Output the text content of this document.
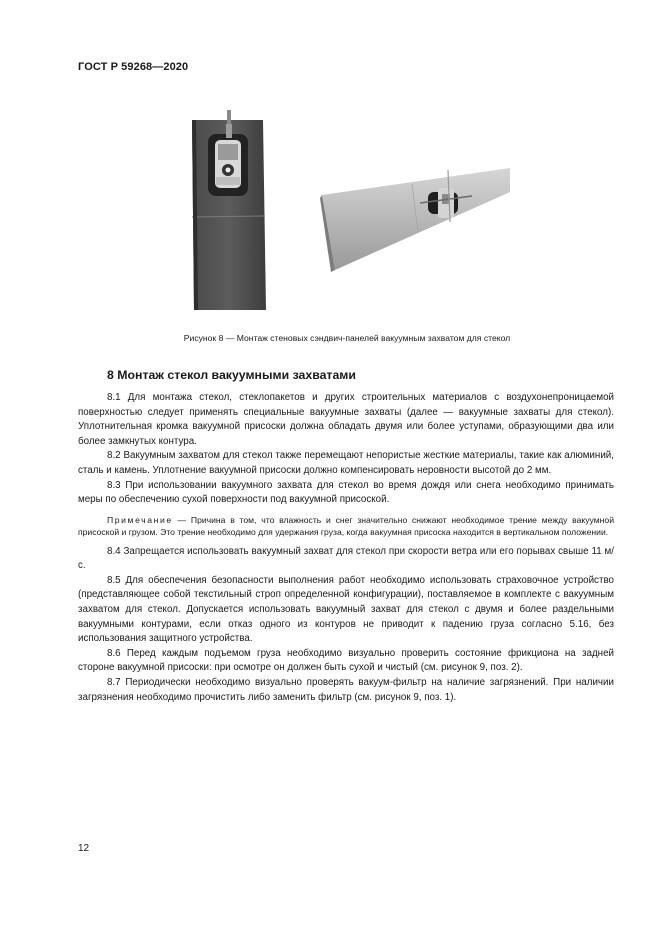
ГОСТ Р 59268—2020
Рисунок 8 — Монтаж стеновых сэндвич-панелей вакуумным захватом для стекол
8 Монтаж стекол вакуумными захватами

8.1 Для монтажа стекол, стеклопакетов и других строительных материалов с воздухонепроницаемой поверхностью следует применять специальные вакуумные захваты (далее — вакуумные захваты для стекол). Уплотнительная кромка вакуумной присоски должна обладать двумя или более уступами, образующими два или более замкнутых контура.

8.2 Вакуумным захватом для стекол также перемещают непористые жесткие материалы, такие как алюминий, сталь и камень. Уплотнение вакуумной присоски должно компенсировать неровности высотой до 2 мм.

8.3 При использовании вакуумного захвата для стекол во время дождя или снега необходимо принимать меры по обеспечению сухой поверхности под вакуумной присоской.

Примечание — Причина в том, что влажность и снег значительно снижают необходимое трение между вакуумной присоской и грузом. Это трение необходимо для удержания груза, когда вакуумная присоска находится в вертикальном положении.

8.4 Запрещается использовать вакуумный захват для стекол при скорости ветра или его порывах свыше 11 м/с.

8.5 Для обеспечения безопасности выполнения работ необходимо использовать страховочное устройство (представляющее собой текстильный строп определенной конфигурации), поставляемое в комплекте с вакуумным захватом для стекол. Допускается использовать вакуумный захват для стекол с двумя и более раздельными вакуумными контурами, если отказ одного из контуров не приводит к падению груза согласно 5.16, без использования защитного устройства.

8.6 Перед каждым подъемом груза необходимо визуально проверить состояние фрикциона на задней стороне вакуумной присоски: при осмотре он должен быть сухой и чистый (см. рисунок 9, поз. 2).

8.7 Периодически необходимо визуально проверять вакуум-фильтр на наличие загрязнений. При наличии загрязнения необходимо прочистить либо заменить фильтр (см. рисунок 9, поз. 1).

12
